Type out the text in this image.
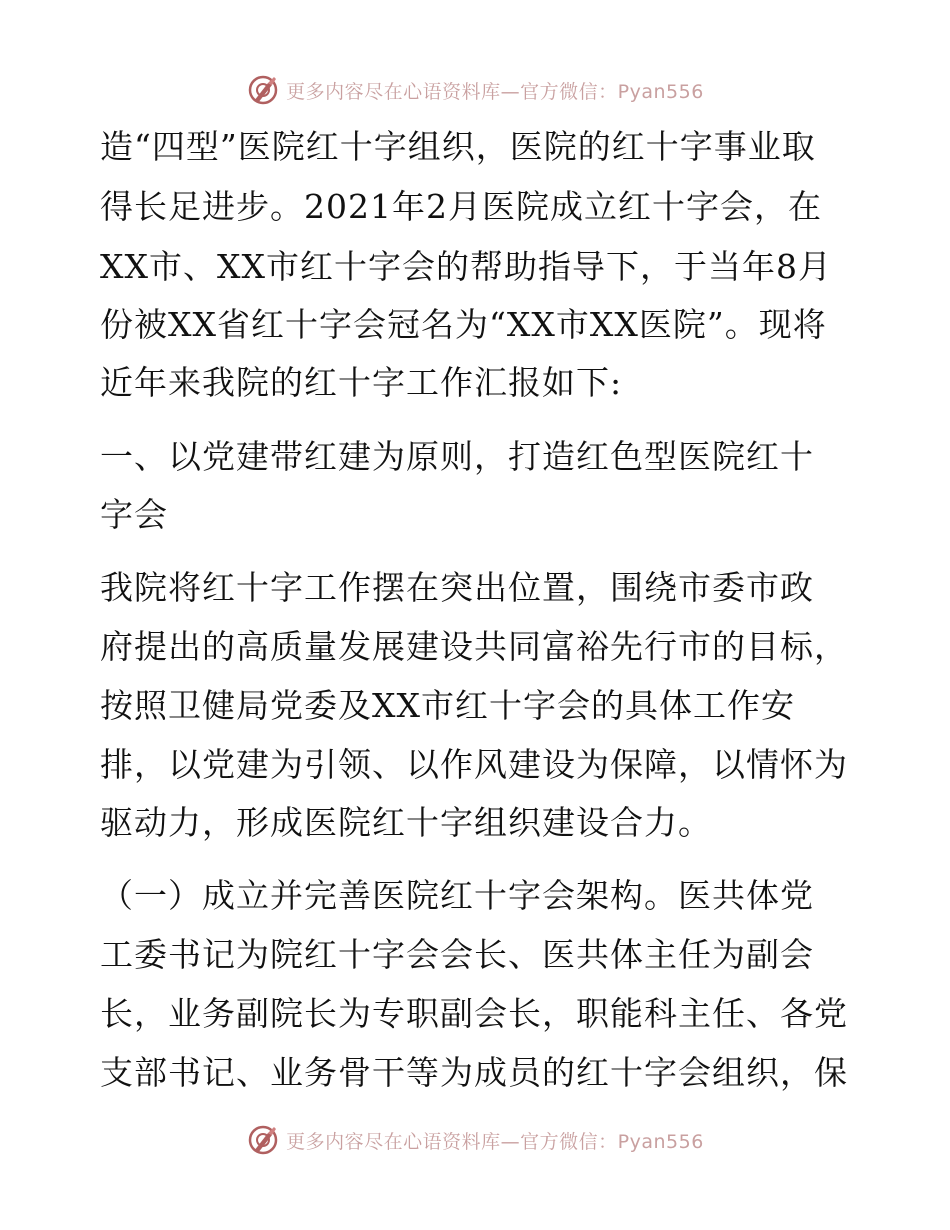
更多内容尽在心语资料库—官方微信：Pyan556
造“四型”医院红十字组织，医院的红十字事业取
得长足进步。2021年2月医院成立红十字会，在
XX市、XX市红十字会的帮助指导下，于当年8月
份被XX省红十字会冠名为“XX市XX医院”。现将
近年来我院的红十字工作汇报如下:
一、以党建带红建为原则，打造红色型医院红十
字会
我院将红十字工作摆在突出位置，围绕市委市政
府提出的高质量发展建设共同富裕先行市的目标，
按照卫健局党委及XX市红十字会的具体工作安
排，以党建为引领、以作风建设为保障，以情怀为
驱动力，形成医院红十字组织建设合力。
（一）成立并完善医院红十字会架构。医共体党
工委书记为院红十字会会长、医共体主任为副会
长，业务副院长为专职副会长，职能科主任、各党
支部书记、业务骨干等为成员的红十字会组织，保
更多内容尽在心语资料库—官方微信：Pyan556
